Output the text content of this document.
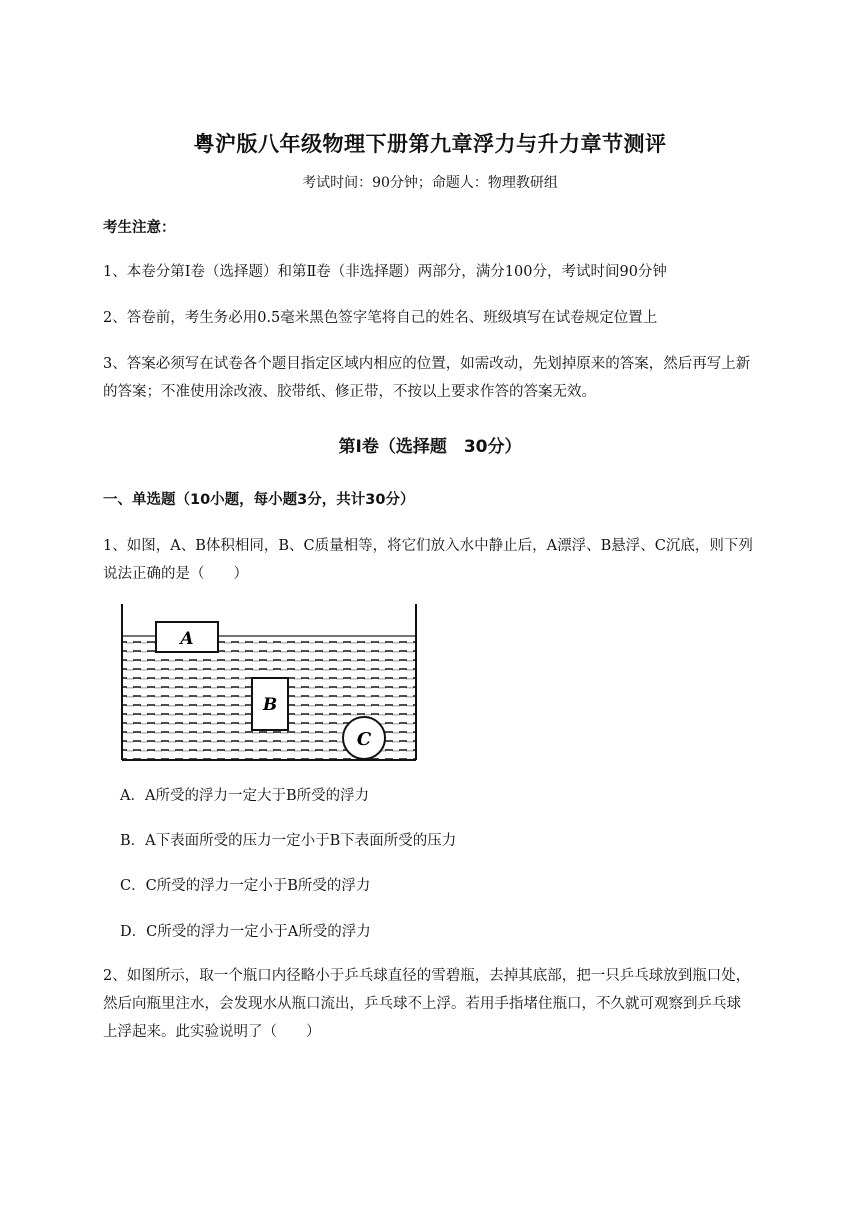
粤沪版八年级物理下册第九章浮力与升力章节测评
考试时间：90分钟；命题人：物理教研组
考生注意：
1、本卷分第Ⅰ卷（选择题）和第Ⅱ卷（非选择题）两部分，满分100分，考试时间90分钟
2、答卷前，考生务必用0.5毫米黑色签字笔将自己的姓名、班级填写在试卷规定位置上
3、答案必须写在试卷各个题目指定区域内相应的位置，如需改动，先划掉原来的答案，然后再写上新
的答案；不准使用涂改液、胶带纸、修正带，不按以上要求作答的答案无效。
第Ⅰ卷（选择题　30分）
一、单选题（10小题，每小题3分，共计30分）
1、如图，A、B体积相同，B、C质量相等，将它们放入水中静止后，A漂浮、B悬浮、C沉底，则下列
说法正确的是（　　）
A
B
C
A．A所受的浮力一定大于B所受的浮力
B．A下表面所受的压力一定小于B下表面所受的压力
C．C所受的浮力一定小于B所受的浮力
D．C所受的浮力一定小于A所受的浮力
2、如图所示，取一个瓶口内径略小于乒乓球直径的雪碧瓶，去掉其底部，把一只乒乓球放到瓶口处，
然后向瓶里注水，会发现水从瓶口流出，乒乓球不上浮。若用手指堵住瓶口，不久就可观察到乒乓球
上浮起来。此实验说明了（　　）
